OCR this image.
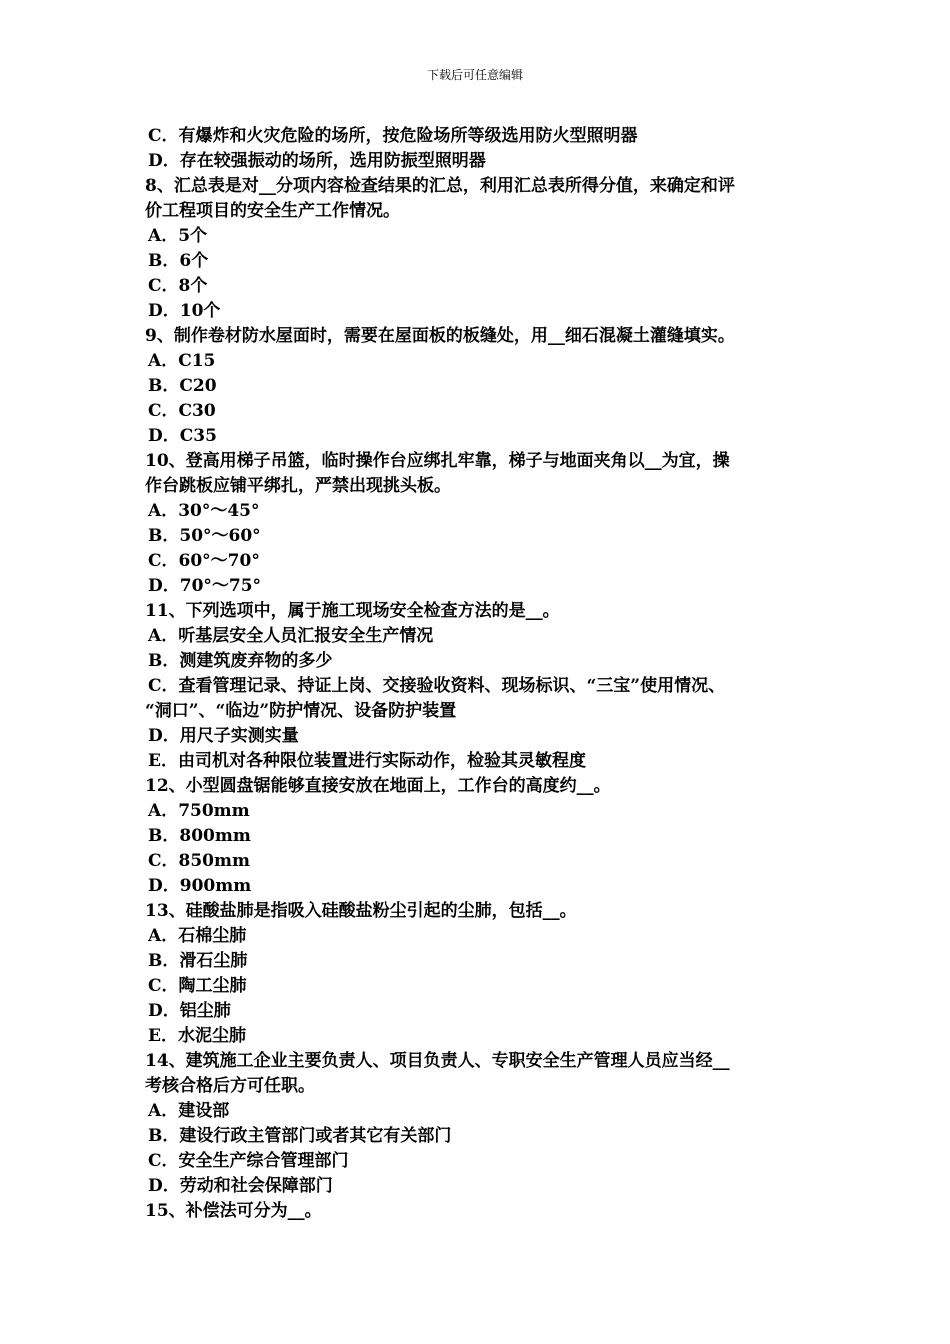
下载后可任意编辑
C．有爆炸和火灾危险的场所，按危险场所等级选用防火型照明器
D．存在较强振动的场所，选用防振型照明器
8、汇总表是对__分项内容检查结果的汇总，利用汇总表所得分值，来确定和评
价工程项目的安全生产工作情况。
A．5个
B．6个
C．8个
D．10个
9、制作卷材防水屋面时，需要在屋面板的板缝处，用__细石混凝土灌缝填实。
A．C15
B．C20
C．C30
D．C35
10、登高用梯子吊篮，临时操作台应绑扎牢靠，梯子与地面夹角以__为宜，操
作台跳板应铺平绑扎，严禁出现挑头板。
A．30°～45°
B．50°～60°
C．60°～70°
D．70°～75°
11、下列选项中，属于施工现场安全检查方法的是__。
A．听基层安全人员汇报安全生产情况
B．测建筑废弃物的多少
C．查看管理记录、持证上岗、交接验收资料、现场标识、“三宝”使用情况、
“洞口”、“临边”防护情况、设备防护装置
D．用尺子实测实量
E．由司机对各种限位装置进行实际动作，检验其灵敏程度
12、小型圆盘锯能够直接安放在地面上，工作台的高度约__。
A．750mm
B．800mm
C．850mm
D．900mm
13、硅酸盐肺是指吸入硅酸盐粉尘引起的尘肺，包括__。
A．石棉尘肺
B．滑石尘肺
C．陶工尘肺
D．铝尘肺
E．水泥尘肺
14、建筑施工企业主要负责人、项目负责人、专职安全生产管理人员应当经__
考核合格后方可任职。
A．建设部
B．建设行政主管部门或者其它有关部门
C．安全生产综合管理部门
D．劳动和社会保障部门
15、补偿法可分为__。
